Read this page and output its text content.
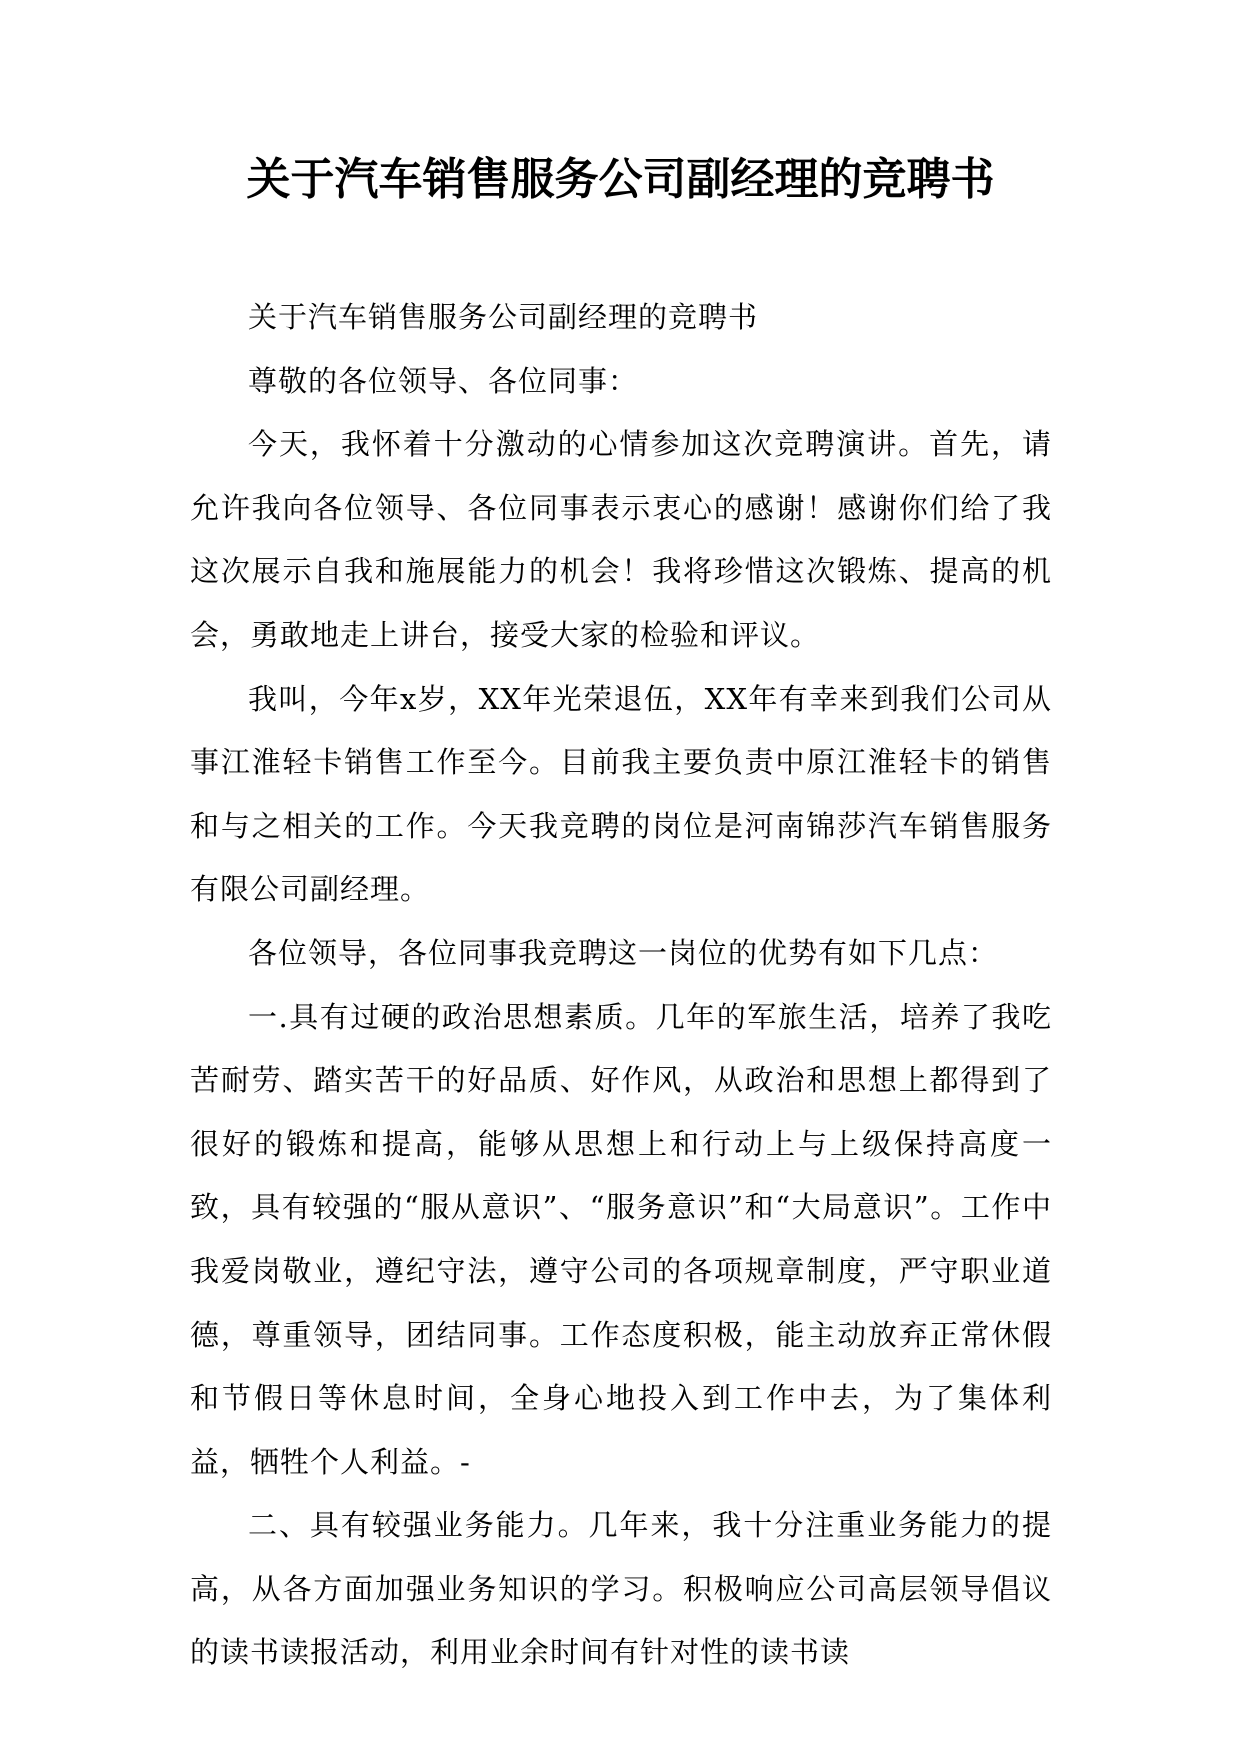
关于汽车销售服务公司副经理的竞聘书

关于汽车销售服务公司副经理的竞聘书

尊敬的各位领导、各位同事：

今天，我怀着十分激动的心情参加这次竞聘演讲。首先，请允许我向各位领导、各位同事表示衷心的感谢！感谢你们给了我这次展示自我和施展能力的机会！我将珍惜这次锻炼、提高的机会，勇敢地走上讲台，接受大家的检验和评议。

我叫，今年x岁，XX年光荣退伍，XX年有幸来到我们公司从事江淮轻卡销售工作至今。目前我主要负责中原江淮轻卡的销售和与之相关的工作。今天我竞聘的岗位是河南锦莎汽车销售服务有限公司副经理。

各位领导，各位同事我竞聘这一岗位的优势有如下几点：

一.具有过硬的政治思想素质。几年的军旅生活，培养了我吃苦耐劳、踏实苦干的好品质、好作风，从政治和思想上都得到了很好的锻炼和提高，能够从思想上和行动上与上级保持高度一致，具有较强的“服从意识”、“服务意识”和“大局意识”。工作中我爱岗敬业，遵纪守法，遵守公司的各项规章制度，严守职业道德，尊重领导，团结同事。工作态度积极，能主动放弃正常休假和节假日等休息时间，全身心地投入到工作中去，为了集体利益，牺牲个人利益。-

二、具有较强业务能力。几年来，我十分注重业务能力的提高，从各方面加强业务知识的学习。积极响应公司高层领导倡议的读书读报活动，利用业余时间有针对性的读书读
